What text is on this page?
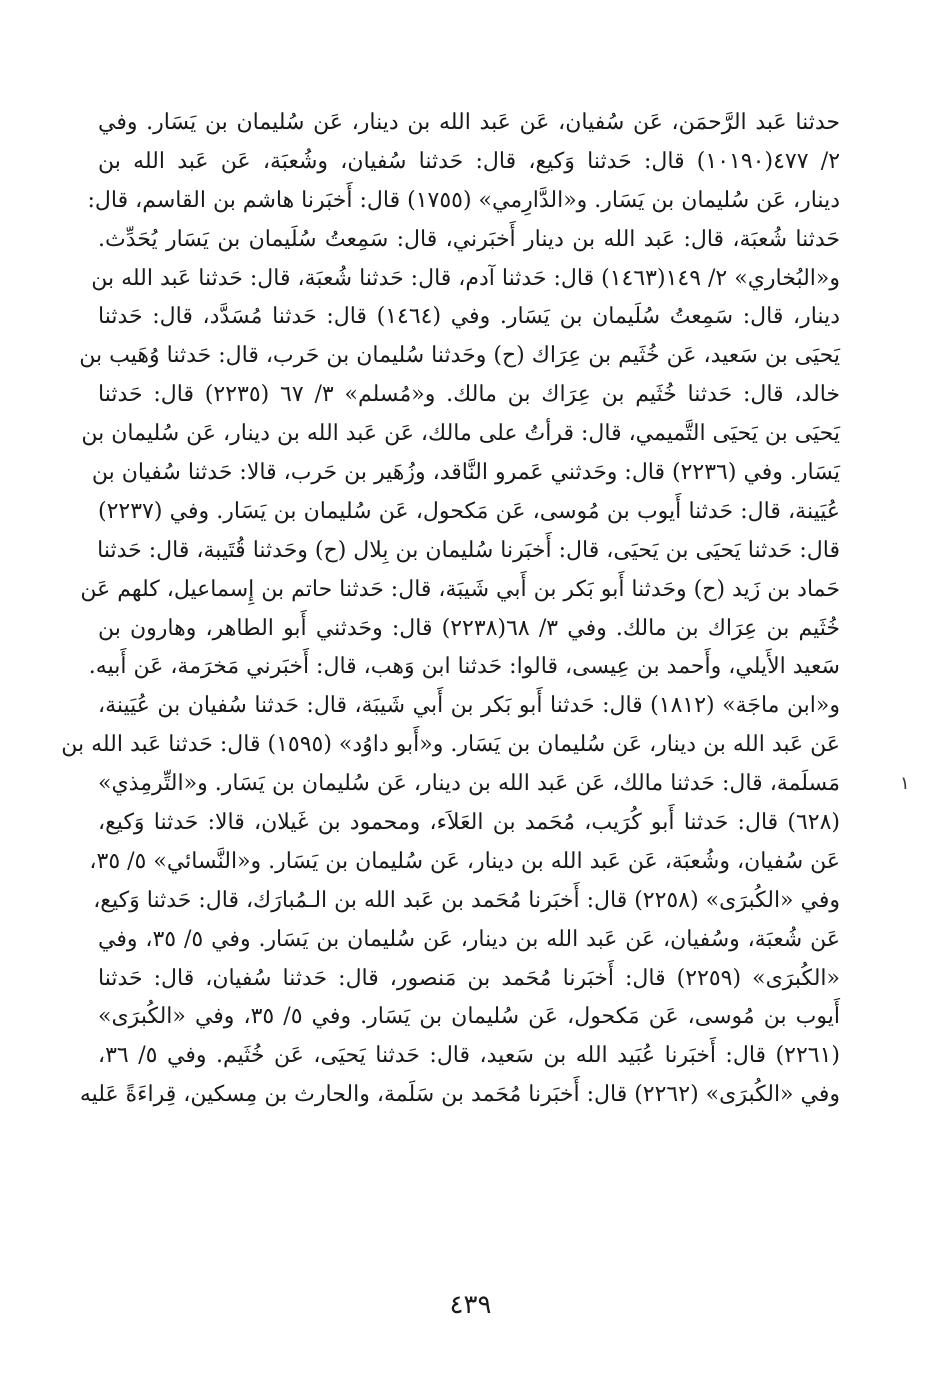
حدثنا عَبد الرَّحمَن، عَن سُفيان، عَن عَبد الله بن دينار، عَن سُليمان بن يَسَار. وفي
٢/ ٤٧٧(١٠١٩٠) قال: حَدثنا وَكيع، قال: حَدثنا سُفيان، وشُعبَة، عَن عَبد الله بن
دينار، عَن سُليمان بن يَسَار. و«الدَّارِمي» (١٧٥٥) قال: أَخبَرنا هاشم بن القاسم، قال:
حَدثنا شُعبَة، قال: عَبد الله بن دينار أَخبَرني، قال: سَمِعتُ سُلَيمان بن يَسَار يُحَدِّث.
و«البُخاري» ٢/ ١٤٩(١٤٦٣) قال: حَدثنا آدم، قال: حَدثنا شُعبَة، قال: حَدثنا عَبد الله بن
دينار، قال: سَمِعتُ سُلَيمان بن يَسَار. وفي (١٤٦٤) قال: حَدثنا مُسَدَّد، قال: حَدثنا
يَحيَى بن سَعيد، عَن خُثَيم بن عِرَاك (ح) وحَدثنا سُليمان بن حَرب، قال: حَدثنا وُهَيب بن
خالد، قال: حَدثنا خُثَيم بن عِرَاك بن مالك. و«مُسلم» ٣/ ٦٧ (٢٢٣٥) قال: حَدثنا
يَحيَى بن يَحيَى التَّميمي، قال: قرأتُ على مالك، عَن عَبد الله بن دينار، عَن سُليمان بن
يَسَار. وفي (٢٢٣٦) قال: وحَدثني عَمرو النَّاقد، وزُهَير بن حَرب، قالا: حَدثنا سُفيان بن
عُيَينة، قال: حَدثنا أَيوب بن مُوسى، عَن مَكحول، عَن سُليمان بن يَسَار. وفي (٢٢٣٧)
قال: حَدثنا يَحيَى بن يَحيَى، قال: أَخبَرنا سُليمان بن بِلال (ح) وحَدثنا قُتَيبة، قال: حَدثنا
حَماد بن زَيد (ح) وحَدثنا أَبو بَكر بن أَبي شَيبَة، قال: حَدثنا حاتم بن إِسماعيل، كلهم عَن
خُثَيم بن عِرَاك بن مالك. وفي ٣/ ٦٨(٢٢٣٨) قال: وحَدثني أَبو الطاهر، وهارون بن
سَعيد الأَيلي، وأَحمد بن عِيسى، قالوا: حَدثنا ابن وَهب، قال: أَخبَرني مَخرَمة، عَن أَبيه.
و«ابن ماجَة» (١٨١٢) قال: حَدثنا أَبو بَكر بن أَبي شَيبَة، قال: حَدثنا سُفيان بن عُيَينة،
عَن عَبد الله بن دينار، عَن سُليمان بن يَسَار. و«أَبو داوُد» (١٥٩٥) قال: حَدثنا عَبد الله بن
مَسلَمة، قال: حَدثنا مالك، عَن عَبد الله بن دينار، عَن سُليمان بن يَسَار. و«التِّرمِذي»
(٦٢٨) قال: حَدثنا أَبو كُرَيب، مُحَمد بن العَلاَء، ومحمود بن غَيلان، قالا: حَدثنا وَكيع،
عَن سُفيان، وشُعبَة، عَن عَبد الله بن دينار، عَن سُليمان بن يَسَار. و«النَّسائي» ٥/ ٣٥،
وفي «الكُبرَى» (٢٢٥٨) قال: أَخبَرنا مُحَمد بن عَبد الله بن الـمُبارَك، قال: حَدثنا وَكيع،
عَن شُعبَة، وسُفيان، عَن عَبد الله بن دينار، عَن سُليمان بن يَسَار. وفي ٥/ ٣٥، وفي
«الكُبرَى» (٢٢٥٩) قال: أَخبَرنا مُحَمد بن مَنصور، قال: حَدثنا سُفيان، قال: حَدثنا
أَيوب بن مُوسى، عَن مَكحول، عَن سُليمان بن يَسَار. وفي ٥/ ٣٥، وفي «الكُبرَى»
(٢٢٦١) قال: أَخبَرنا عُبَيد الله بن سَعيد، قال: حَدثنا يَحيَى، عَن خُثَيم. وفي ٥/ ٣٦،
وفي «الكُبرَى» (٢٢٦٢) قال: أَخبَرنا مُحَمد بن سَلَمة، والحارث بن مِسكين، قِراءَةً عَليه
١
٤٣٩
